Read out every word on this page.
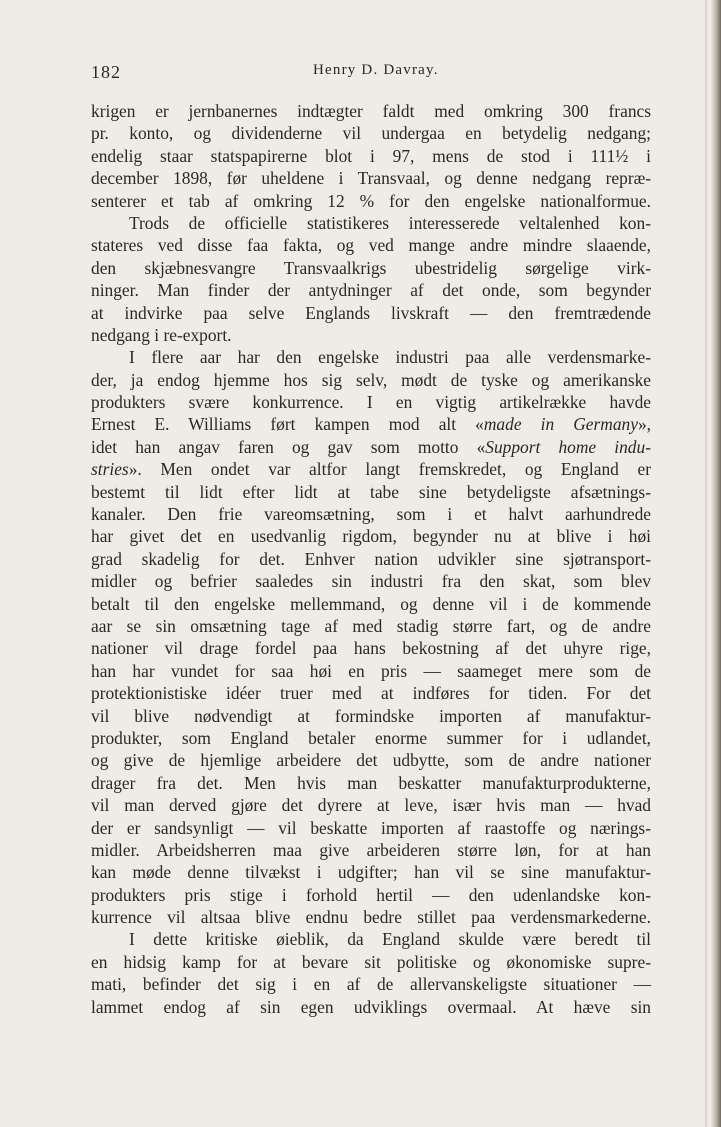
182	Henry D. Davray.
krigen er jernbanernes indtægter faldt med omkring 300 francs
pr. konto, og dividenderne vil undergaa en betydelig nedgang;
endelig staar statspapirerne blot i 97, mens de stod i 111½ i
december 1898, før uheldene i Transvaal, og denne nedgang repræ-
senterer et tab af omkring 12 % for den engelske nationalformue.
Trods de officielle statistikeres interesserede veltalenhed kon-
stateres ved disse faa fakta, og ved mange andre mindre slaaende,
den skjæbnesvangre Transvaalkrigs ubestridelig sørgelige virk-
ninger. Man finder der antydninger af det onde, som begynder
at indvirke paa selve Englands livskraft — den fremtrædende
nedgang i re-export.
I flere aar har den engelske industri paa alle verdensmarke-
der, ja endog hjemme hos sig selv, mødt de tyske og amerikanske
produkters svære konkurrence. I en vigtig artikelrække havde
Ernest E. Williams ført kampen mod alt «made in Germany»,
idet han angav faren og gav som motto «Support home indu-
stries». Men ondet var altfor langt fremskredet, og England er
bestemt til lidt efter lidt at tabe sine betydeligste afsætnings-
kanaler. Den frie vareomsætning, som i et halvt aarhundrede
har givet det en usedvanlig rigdom, begynder nu at blive i høi
grad skadelig for det. Enhver nation udvikler sine sjøtransport-
midler og befrier saaledes sin industri fra den skat, som blev
betalt til den engelske mellemmand, og denne vil i de kommende
aar se sin omsætning tage af med stadig større fart, og de andre
nationer vil drage fordel paa hans bekostning af det uhyre rige,
han har vundet for saa høi en pris — saameget mere som de
protektionistiske idéer truer med at indføres for tiden. For det
vil blive nødvendigt at formindske importen af manufaktur-
produkter, som England betaler enorme summer for i udlandet,
og give de hjemlige arbeidere det udbytte, som de andre nationer
drager fra det. Men hvis man beskatter manufakturprodukterne,
vil man derved gjøre det dyrere at leve, især hvis man — hvad
der er sandsynligt — vil beskatte importen af raastoffe og nærings-
midler. Arbeidsherren maa give arbeideren større løn, for at han
kan møde denne tilvækst i udgifter; han vil se sine manufaktur-
produkters pris stige i forhold hertil — den udenlandske kon-
kurrence vil altsaa blive endnu bedre stillet paa verdensmarkederne.
I dette kritiske øieblik, da England skulde være beredt til
en hidsig kamp for at bevare sit politiske og økonomiske supre-
mati, befinder det sig i en af de allervanskeligste situationer —
lammet endog af sin egen udviklings overmaal. At hæve sin
